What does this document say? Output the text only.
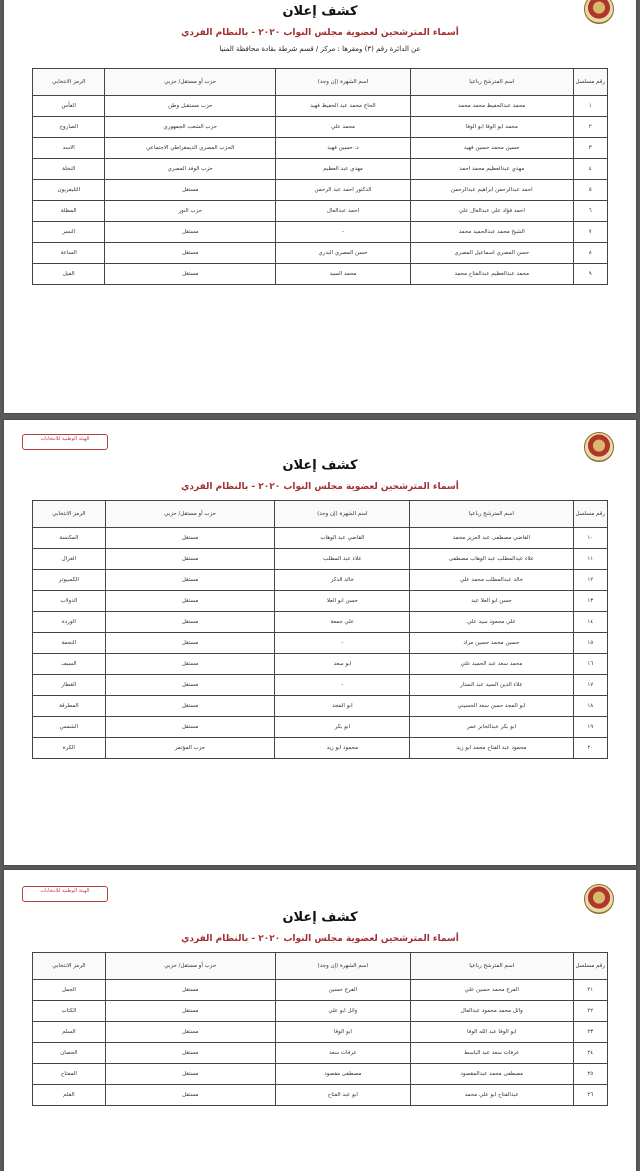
كشف إعلان
أسماء المترشحين لعضوية مجلس النواب ٢٠٢٠ - بالنظام الفردي
عن الدائرة رقم (٣) ومقرها : مركز / قسم شرطة بقادة محافظة المنيا
رقم مسلسل	اسم المترشح رباعيا	اسم الشهرة (إن وجد)	حزب أو مستقل/ حزبي	الرمز الانتخابي
١	محمد عبدالحفيظ محمد محمد	الحاج محمد عبد الحفيظ فهيد	حزب مستقبل وطن	الفأس
٢	محمد ابو الوفا ابو الوفا	محمد علي	حزب الشعب الجمهوري	الصاروخ
٣	حسين محمد حسين فهيد	د. حسين فهيد	الحزب المصري الديمقراطي الاجتماعي	الاسد
٤	مهدي عبدالعظيم محمد احمد	مهدي عبد العظيم	حزب الوفد المصري	النخلة
٥	احمد عبدالرحمن ابراهيم عبدالرحمن	الدكتور احمد عبد الرحمن	مستقل	التليفزيون
٦	احمد فؤاد علي عبدالعال علي	احمد عبدالعال	حزب النور	المظلة
٧	الشيخ محمد عبدالحميد محمد	-	مستقل	النسر
٨	حسن المصري اسماعيل المصري	حسن المصري البدري	مستقل	الساعة
٩	محمد عبدالعظيم عبدالفتاح محمد	محمد السيد	مستقل	الفيل
الهيئة الوطنية للانتخابات
كشف إعلان
أسماء المترشحين لعضوية مجلس النواب ٢٠٢٠ - بالنظام الفردي
رقم مسلسل	اسم المترشح رباعيا	اسم الشهرة (إن وجد)	حزب أو مستقل/ حزبي	الرمز الانتخابي
١٠	القاضي مصطفى عبد العزيز محمد	القاضي عبد الوهاب	مستقل	المكنسة
١١	علاء عبدالمطلب عبد الوهاب مصطفى	علاء عبد المطلب	مستقل	الغزال
١٢	خالد عبدالمطلب محمد علي	خالد الدكر	مستقل	الكمبيوتر
١٣	حسن ابو العلا عيد	حسن ابو العلا	مستقل	الدولاب
١٤	علي محمود سيد علي	علي جمعة	مستقل	الوردة
١٥	حسين محمد حسين مراد	-	مستقل	النجمة
١٦	محمد سعد عبد الحميد علي	ابو سعد	مستقل	السيف
١٧	علاء الدين السيد عبد الستار	-	مستقل	القطار
١٨	ابو المجد حسن سعد الحسيني	ابو المجد	مستقل	المطرقة
١٩	ابو بكر عبدالجابر عمر	ابو بكر	مستقل	الشمس
٢٠	محمود عبد الفتاح محمد ابو زيد	محمود ابو زيد	حزب المؤتمر	الكرة
الهيئة الوطنية للانتخابات
كشف إعلان
أسماء المترشحين لعضوية مجلس النواب ٢٠٢٠ - بالنظام الفردي
رقم مسلسل	اسم المترشح رباعيا	اسم الشهرة (إن وجد)	حزب أو مستقل/ حزبي	الرمز الانتخابي
٢١	الفرج محمد حسين علي	الفرج حسين	مستقل	الجمل
٢٢	وائل محمد محمود عبدالعال	وائل ابو علي	مستقل	الكتاب
٢٣	ابو الوفا عبد الله الوفا	ابو الوفا	مستقل	السلم
٢٤	عرفات سعد عبد الباسط	عرفات سعد	مستقل	الحصان
٢٥	مصطفى محمد عبدالمقصود	مصطفى مقصود	مستقل	المفتاح
٢٦	عبدالفتاح ابو علي محمد	ابو عبد الفتاح	مستقل	القلم
